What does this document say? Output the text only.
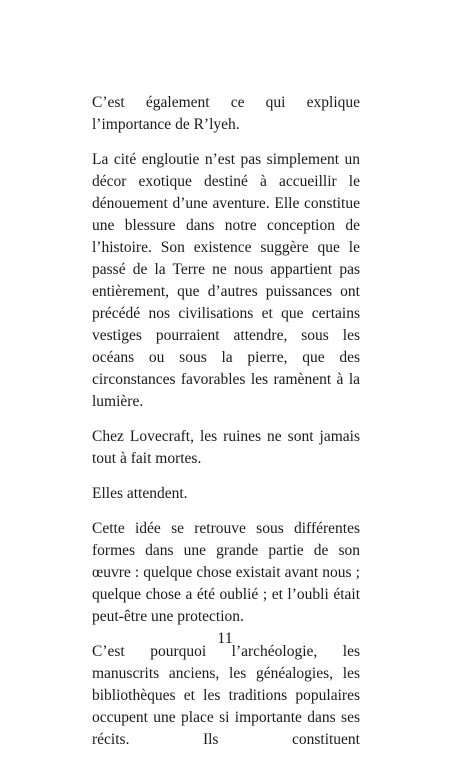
C’est également ce qui explique l’importance de R’lyeh.

La cité engloutie n’est pas simplement un décor exotique destiné à accueillir le dénouement d’une aventure. Elle constitue une blessure dans notre conception de l’histoire. Son existence suggère que le passé de la Terre ne nous appartient pas entièrement, que d’autres puissances ont précédé nos civilisations et que certains vestiges pourraient attendre, sous les océans ou sous la pierre, que des circonstances favorables les ramènent à la lumière.

Chez Lovecraft, les ruines ne sont jamais tout à fait mortes.

Elles attendent.

Cette idée se retrouve sous différentes formes dans une grande partie de son œuvre : quelque chose existait avant nous ; quelque chose a été oublié ; et l’oubli était peut-être une protection.

C’est pourquoi l’archéologie, les manuscrits anciens, les généalogies, les bibliothèques et les traditions populaires occupent une place si importante dans ses récits. Ils constituent

11
